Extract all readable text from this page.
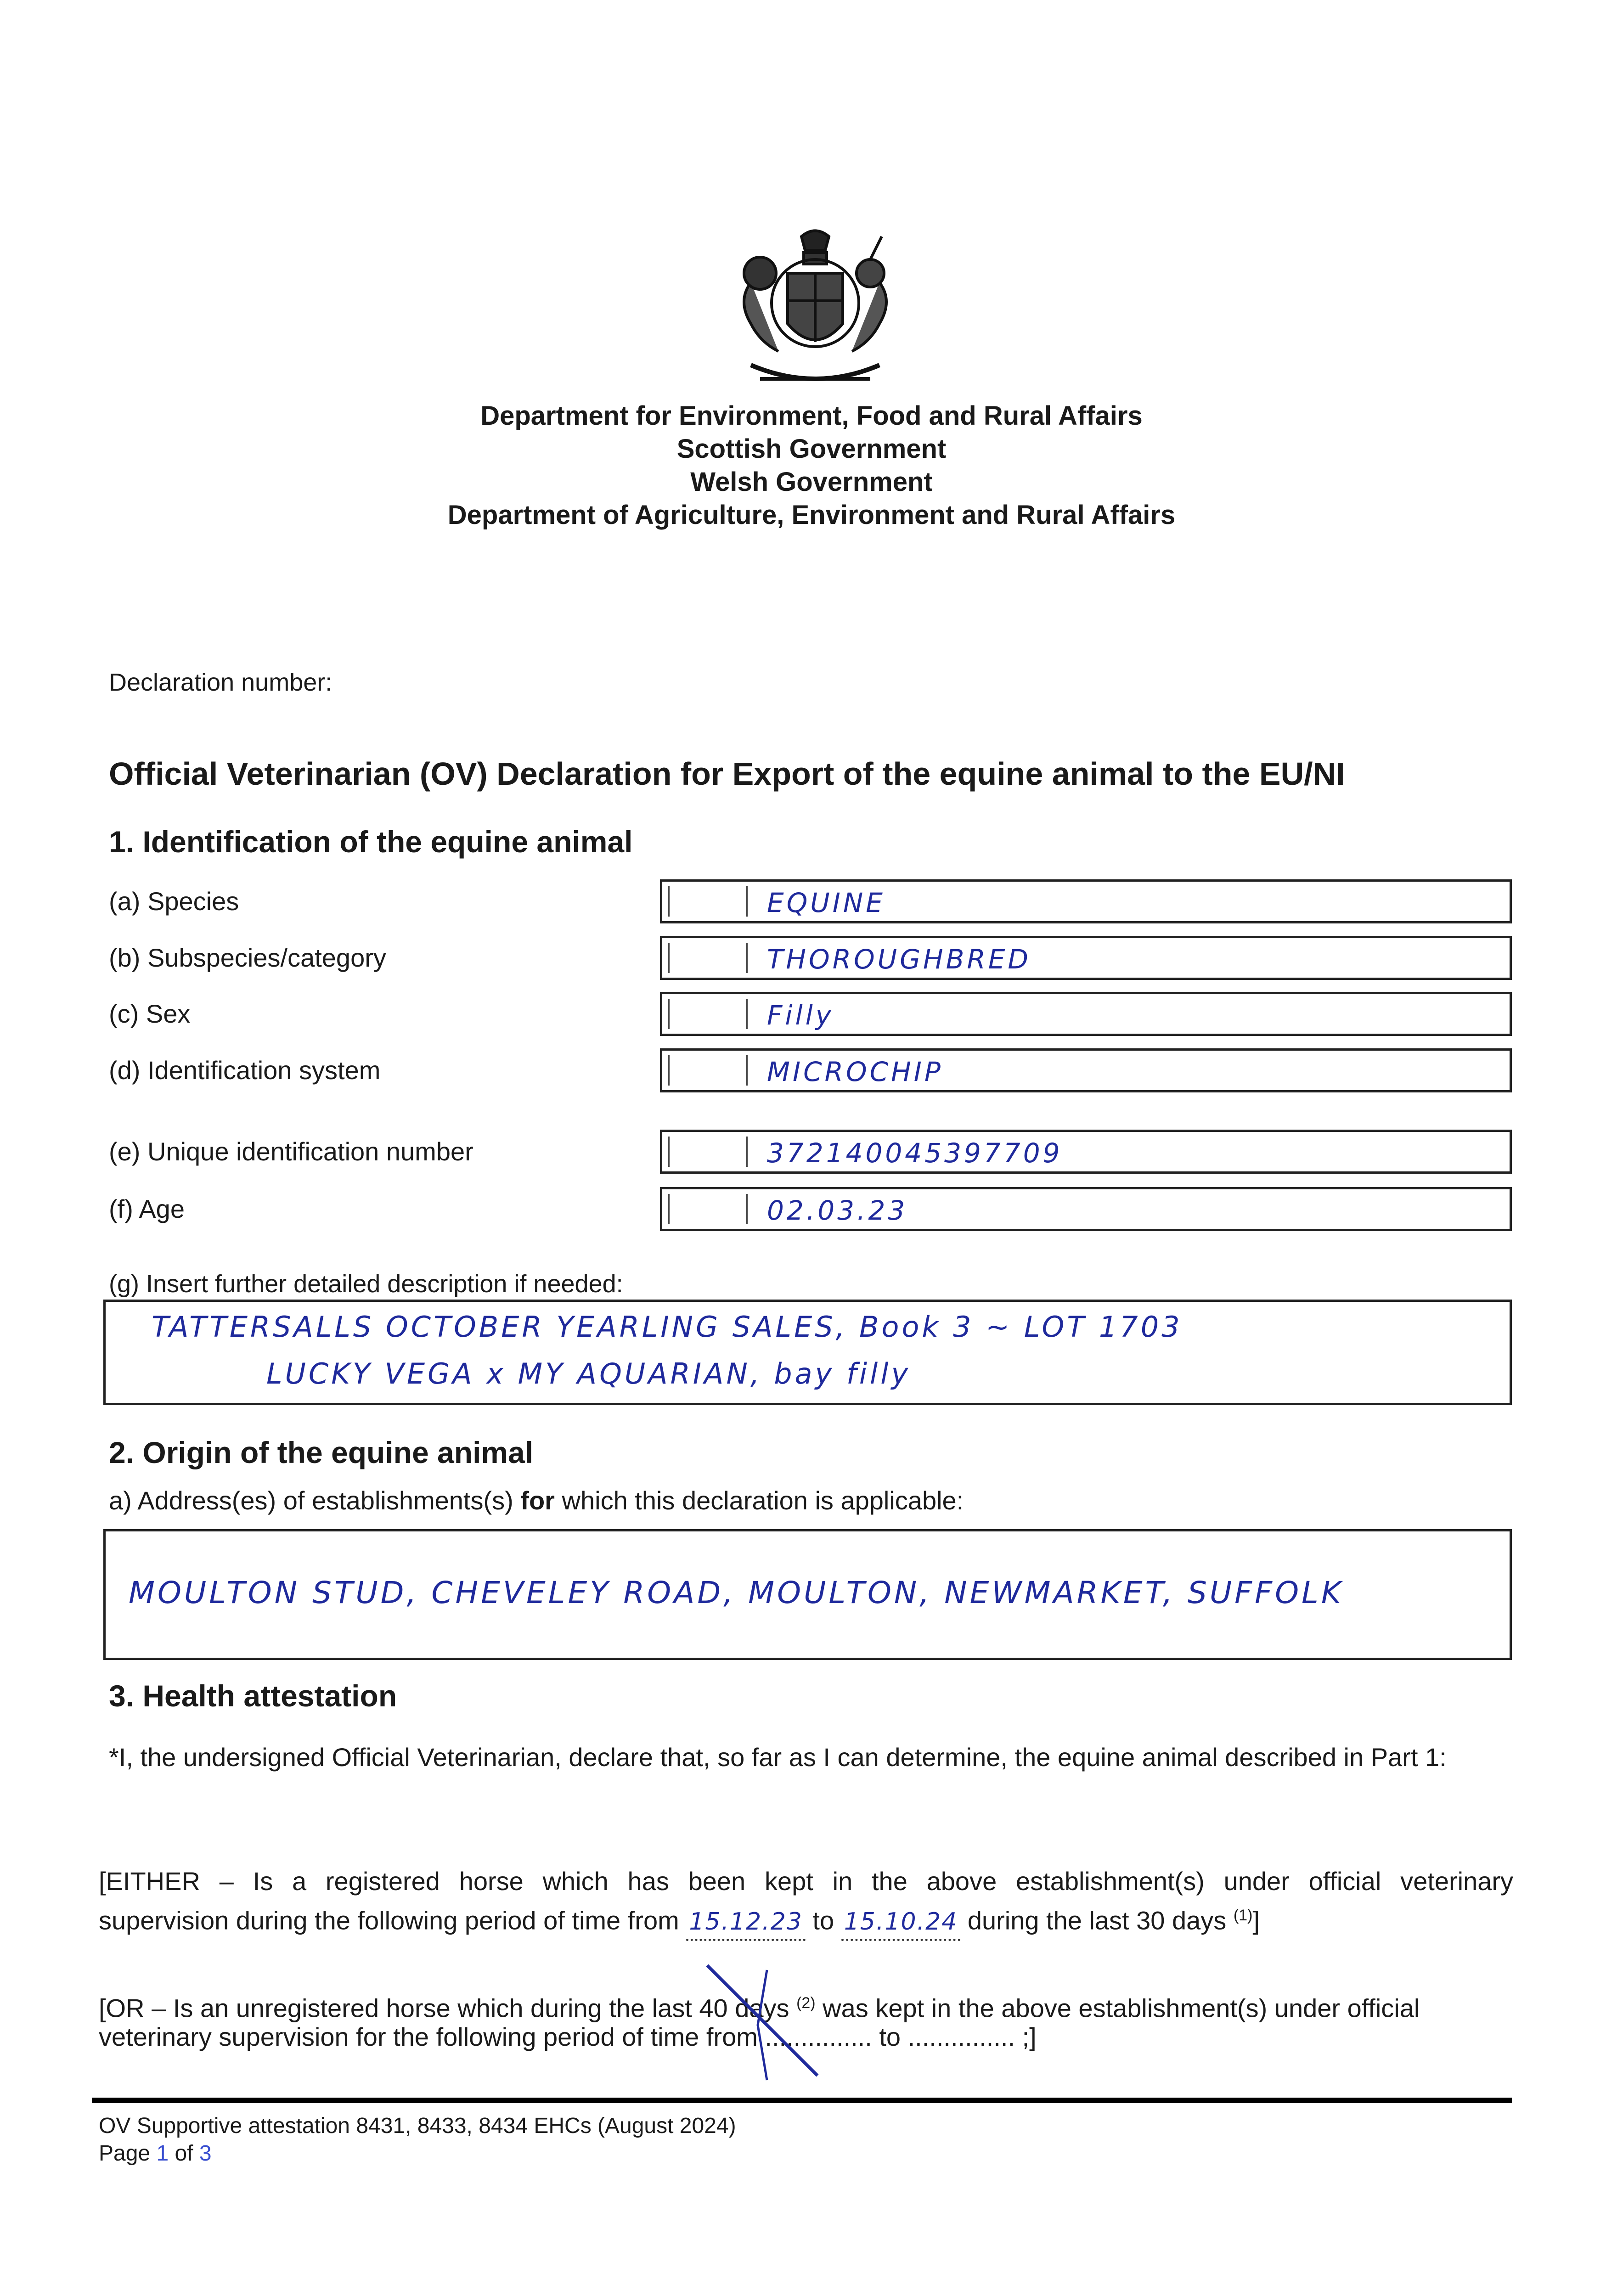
Department for Environment, Food and Rural Affairs
Scottish Government
Welsh Government
Department of Agriculture, Environment and Rural Affairs
Declaration number:
Official Veterinarian (OV) Declaration for Export of the equine animal to the EU/NI
1. Identification of the equine animal
(a) Species	EQUINE
(b) Subspecies/category	THOROUGHBRED
(c) Sex	Filly
(d) Identification system	MICROCHIP
(e) Unique identification number	372140045397709
(f) Age	02.03.23
(g) Insert further detailed description if needed:
TATTERSALLS OCTOBER YEARLING SALES, Book 3 ~ LOT 1703
LUCKY VEGA x MY AQUARIAN, bay filly
2. Origin of the equine animal
a) Address(es) of establishments(s) for which this declaration is applicable:
MOULTON STUD, CHEVELEY ROAD, MOULTON, NEWMARKET, SUFFOLK
3. Health attestation
*I, the undersigned Official Veterinarian, declare that, so far as I can determine, the equine animal described in Part 1:
[EITHER – Is a registered horse which has been kept in the above establishment(s) under official veterinary
supervision during the following period of time from 15.12.23 to 15.10.24 during the last 30 days $^{(1)}$]
[OR – Is an unregistered horse which during the last 40 days $^{(2)}$ was kept in the above establishment(s) under official
veterinary supervision for the following period of time from ............... to ............... ;]
OV Supportive attestation 8431, 8433, 8434 EHCs (August 2024)
Page 1 of 3
